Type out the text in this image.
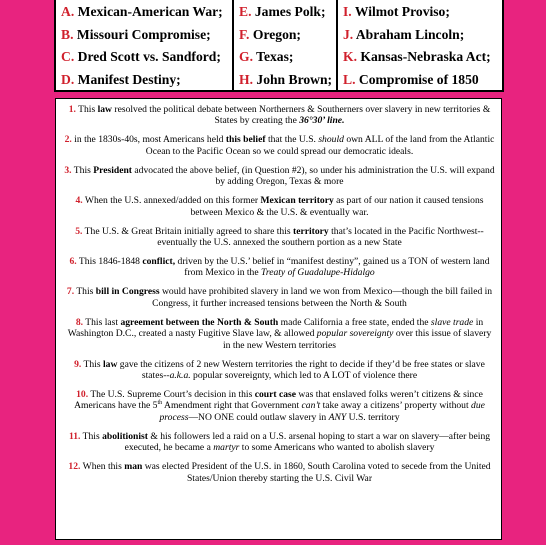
A. Mexican-American War;
B. Missouri Compromise;
C. Dred Scott vs. Sandford;
D. Manifest Destiny;
E. James Polk;
F. Oregon;
G. Texas;
H. John Brown;
I. Wilmot Proviso;
J. Abraham Lincoln;
K. Kansas-Nebraska Act;
L. Compromise of 1850
1. This law resolved the political debate between Northerners & Southerners over slavery in new territories & States by creating the 36°30’ line.
2. in the 1830s-40s, most Americans held this belief that the U.S. should own ALL of the land from the Atlantic Ocean to the Pacific Ocean so we could spread our democratic ideals.
3. This President advocated the above belief, (in Question #2), so under his administration the U.S. will expand by adding Oregon, Texas & more
4. When the U.S. annexed/added on this former Mexican territory as part of our nation it caused tensions between Mexico & the U.S. & eventually war.
5. The U.S. & Great Britain initially agreed to share this territory that’s located in the Pacific Northwest--eventually the U.S. annexed the southern portion as a new State
6. This 1846-1848 conflict, driven by the U.S.’ belief in “manifest destiny”, gained us a TON of western land from Mexico in the Treaty of Guadalupe-Hidalgo
7. This bill in Congress would have prohibited slavery in land we won from Mexico—though the bill failed in Congress, it further increased tensions between the North & South
8. This last agreement between the North & South made California a free state, ended the slave trade in Washington D.C., created a nasty Fugitive Slave law, & allowed popular sovereignty over this issue of slavery in the new Western territories
9. This law gave the citizens of 2 new Western territories the right to decide if they’d be free states or slave states--a.k.a. popular sovereignty, which led to A LOT of violence there
10. The U.S. Supreme Court’s decision in this court case was that enslaved folks weren’t citizens & since Americans have the 5th Amendment right that Government can’t take away a citizens’ property without due process—NO ONE could outlaw slavery in ANY U.S. territory
11. This abolitionist & his followers led a raid on a U.S. arsenal hoping to start a war on slavery—after being executed, he became a martyr to some Americans who wanted to abolish slavery
12. When this man was elected President of the U.S. in 1860, South Carolina voted to secede from the United States/Union thereby starting the U.S. Civil War
